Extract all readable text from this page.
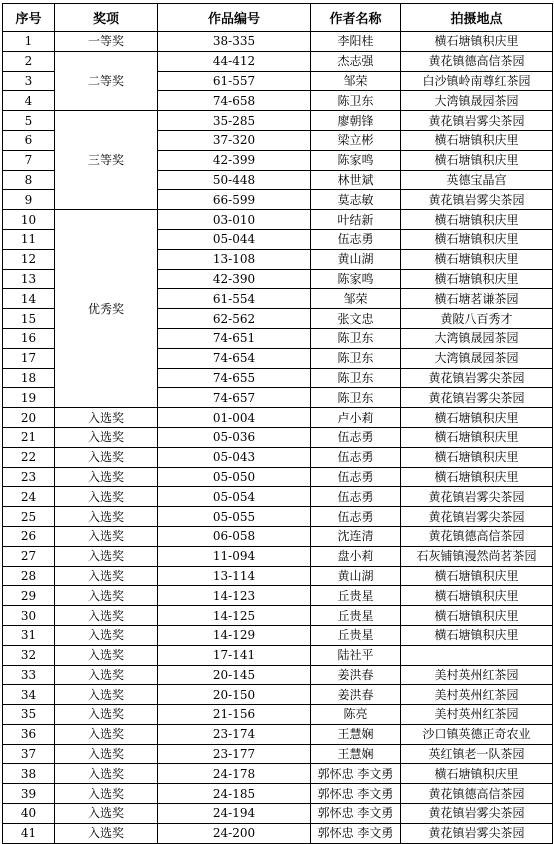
序号	奖项	作品编号	作者名称	拍摄地点
1	一等奖	38-335	李阳桂	横石塘镇积庆里
2	二等奖	44-412	杰志强	黄花镇德高信茶园
3		61-557	邹荣	白沙镇岭南尊红茶园
4		74-658	陈卫东	大湾镇晟园茶园
5	三等奖	35-285	廖朝锋	黄花镇岩雾尖茶园
6		37-320	梁立彬	横石塘镇积庆里
7		42-399	陈家鸣	横石塘镇积庆里
8		50-448	林世斌	英德宝晶宫
9		66-599	莫志敏	黄花镇岩雾尖茶园
10	优秀奖	03-010	叶结新	横石塘镇积庆里
11		05-044	伍志勇	横石塘镇积庆里
12		13-108	黄山湖	横石塘镇积庆里
13		42-390	陈家鸣	横石塘镇积庆里
14		61-554	邹荣	横石塘茗谦茶园
15		62-562	张文忠	黄陂八百秀才
16		74-651	陈卫东	大湾镇晟园茶园
17		74-654	陈卫东	大湾镇晟园茶园
18		74-655	陈卫东	黄花镇岩雾尖茶园
19		74-657	陈卫东	黄花镇岩雾尖茶园
20	入选奖	01-004	卢小莉	横石塘镇积庆里
21	入选奖	05-036	伍志勇	横石塘镇积庆里
22	入选奖	05-043	伍志勇	横石塘镇积庆里
23	入选奖	05-050	伍志勇	横石塘镇积庆里
24	入选奖	05-054	伍志勇	黄花镇岩雾尖茶园
25	入选奖	05-055	伍志勇	黄花镇岩雾尖茶园
26	入选奖	06-058	沈连清	黄花镇德高信茶园
27	入选奖	11-094	盘小莉	石灰铺镇漫然尚茗茶园
28	入选奖	13-114	黄山湖	横石塘镇积庆里
29	入选奖	14-123	丘贵星	横石塘镇积庆里
30	入选奖	14-125	丘贵星	横石塘镇积庆里
31	入选奖	14-129	丘贵星	横石塘镇积庆里
32	入选奖	17-141	陆社平	
33	入选奖	20-145	姜洪春	美村英州红茶园
34	入选奖	20-150	姜洪春	美村英州红茶园
35	入选奖	21-156	陈亮	美村英州红茶园
36	入选奖	23-174	王慧娴	沙口镇英德正奇农业
37	入选奖	23-177	王慧娴	英红镇老一队茶园
38	入选奖	24-178	郭怀忠 李文勇	横石塘镇积庆里
39	入选奖	24-185	郭怀忠 李文勇	黄花镇德高信茶园
40	入选奖	24-194	郭怀忠 李文勇	黄花镇岩雾尖茶园
41	入选奖	24-200	郭怀忠 李文勇	黄花镇岩雾尖茶园
